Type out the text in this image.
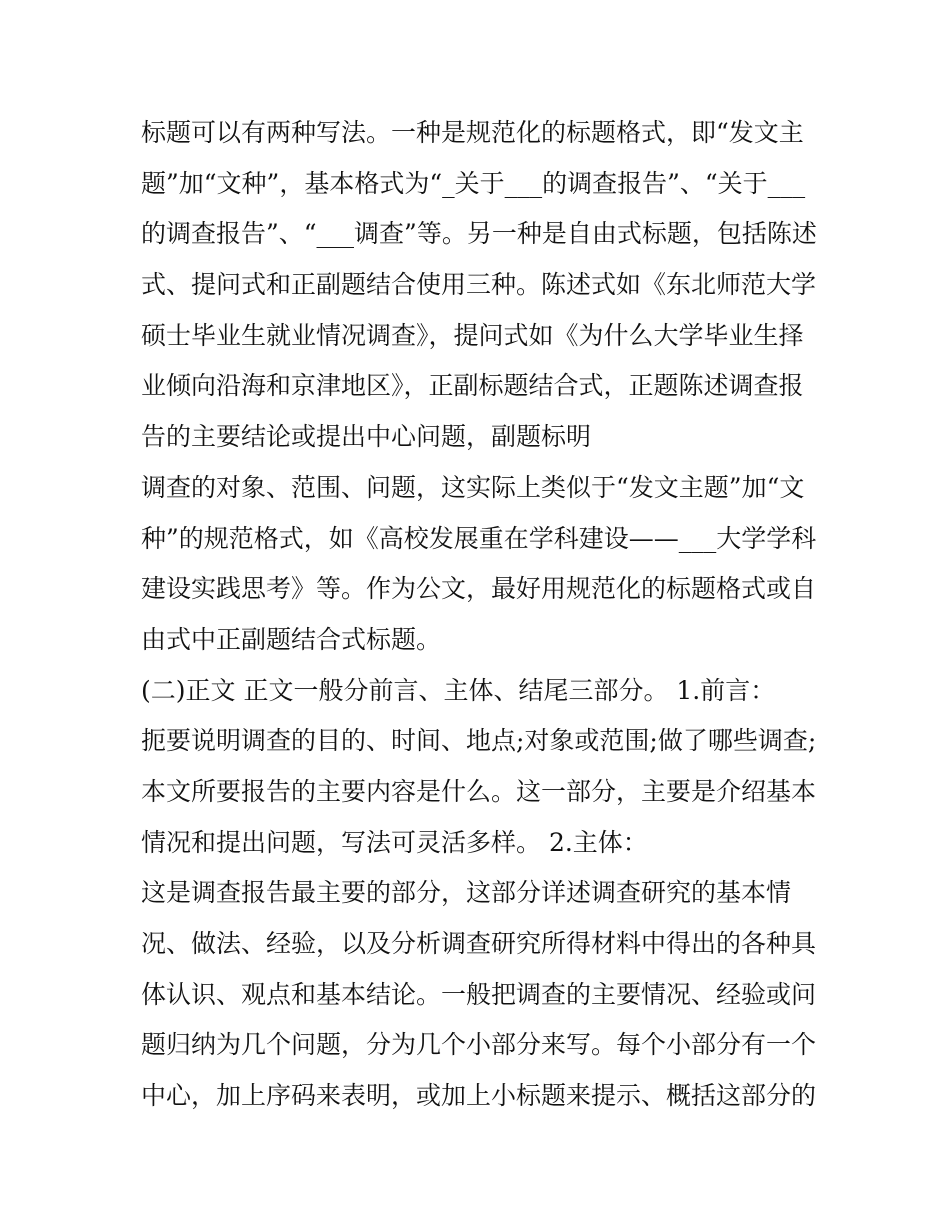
标题可以有两种写法。一种是规范化的标题格式，即“发文主
题”加“文种”，基本格式为“_关于___的调查报告”、“关于___
的调查报告”、“___调查”等。另一种是自由式标题，包括陈述
式、提问式和正副题结合使用三种。陈述式如《东北师范大学
硕士毕业生就业情况调查》，提问式如《为什么大学毕业生择
业倾向沿海和京津地区》，正副标题结合式，正题陈述调查报
告的主要结论或提出中心问题，副题标明
调查的对象、范围、问题，这实际上类似于“发文主题”加“文
种”的规范格式，如《高校发展重在学科建设——___大学学科
建设实践思考》等。作为公文，最好用规范化的标题格式或自
由式中正副题结合式标题。
(二)正文 正文一般分前言、主体、结尾三部分。 1.前言：
扼要说明调查的目的、时间、地点;对象或范围;做了哪些调查;
本文所要报告的主要内容是什么。这一部分，主要是介绍基本
情况和提出问题，写法可灵活多样。 2.主体：
这是调查报告最主要的部分，这部分详述调查研究的基本情
况、做法、经验，以及分析调查研究所得材料中得出的各种具
体认识、观点和基本结论。一般把调查的主要情况、经验或问
题归纳为几个问题，分为几个小部分来写。每个小部分有一个
中心，加上序码来表明，或加上小标题来提示、概括这部分的
